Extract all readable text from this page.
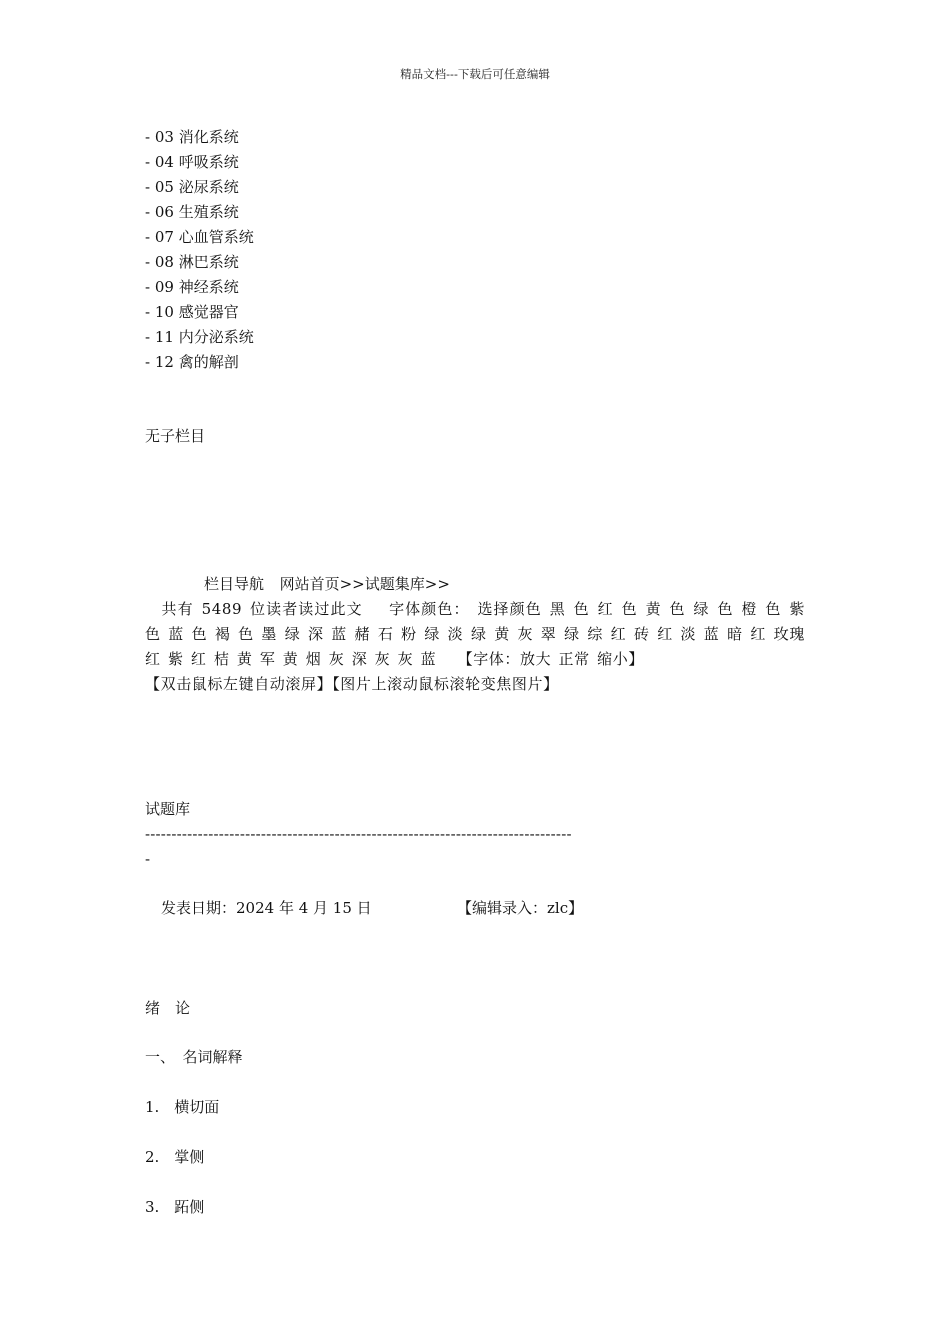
精品文档---下载后可任意编辑
- 03 消化系统
- 04 呼吸系统
- 05 泌尿系统
- 06 生殖系统
- 07 心血管系统
- 08 淋巴系统
- 09 神经系统
- 10 感觉器官
- 11 内分泌系统
- 12 禽的解剖
无子栏目
栏目导航 网站首页>>试题集库>>
共有 5489 位读者读过此文 字体颜色： 选择颜色 黑 色 红 色 黄 色 绿 色 橙 色 紫 色 蓝 色 褐 色 墨 绿 深 蓝 赭 石 粉 绿 淡 绿 黄 灰 翠 绿 综 红 砖 红 淡 蓝 暗 红 玫瑰红 紫 红 桔 黄 军 黄 烟 灰 深 灰 灰 蓝 【字体：放大 正常 缩小】
【双击鼠标左键自动滚屏】【图片上滚动鼠标滚轮变焦图片】
试题库
---------------------------------------------------------------------------------
-
发表日期：2024 年 4 月 15 日	【编辑录入：zlc】
绪　论
一、　名词解释
1.　横切面
2.　掌侧
3.　跖侧
